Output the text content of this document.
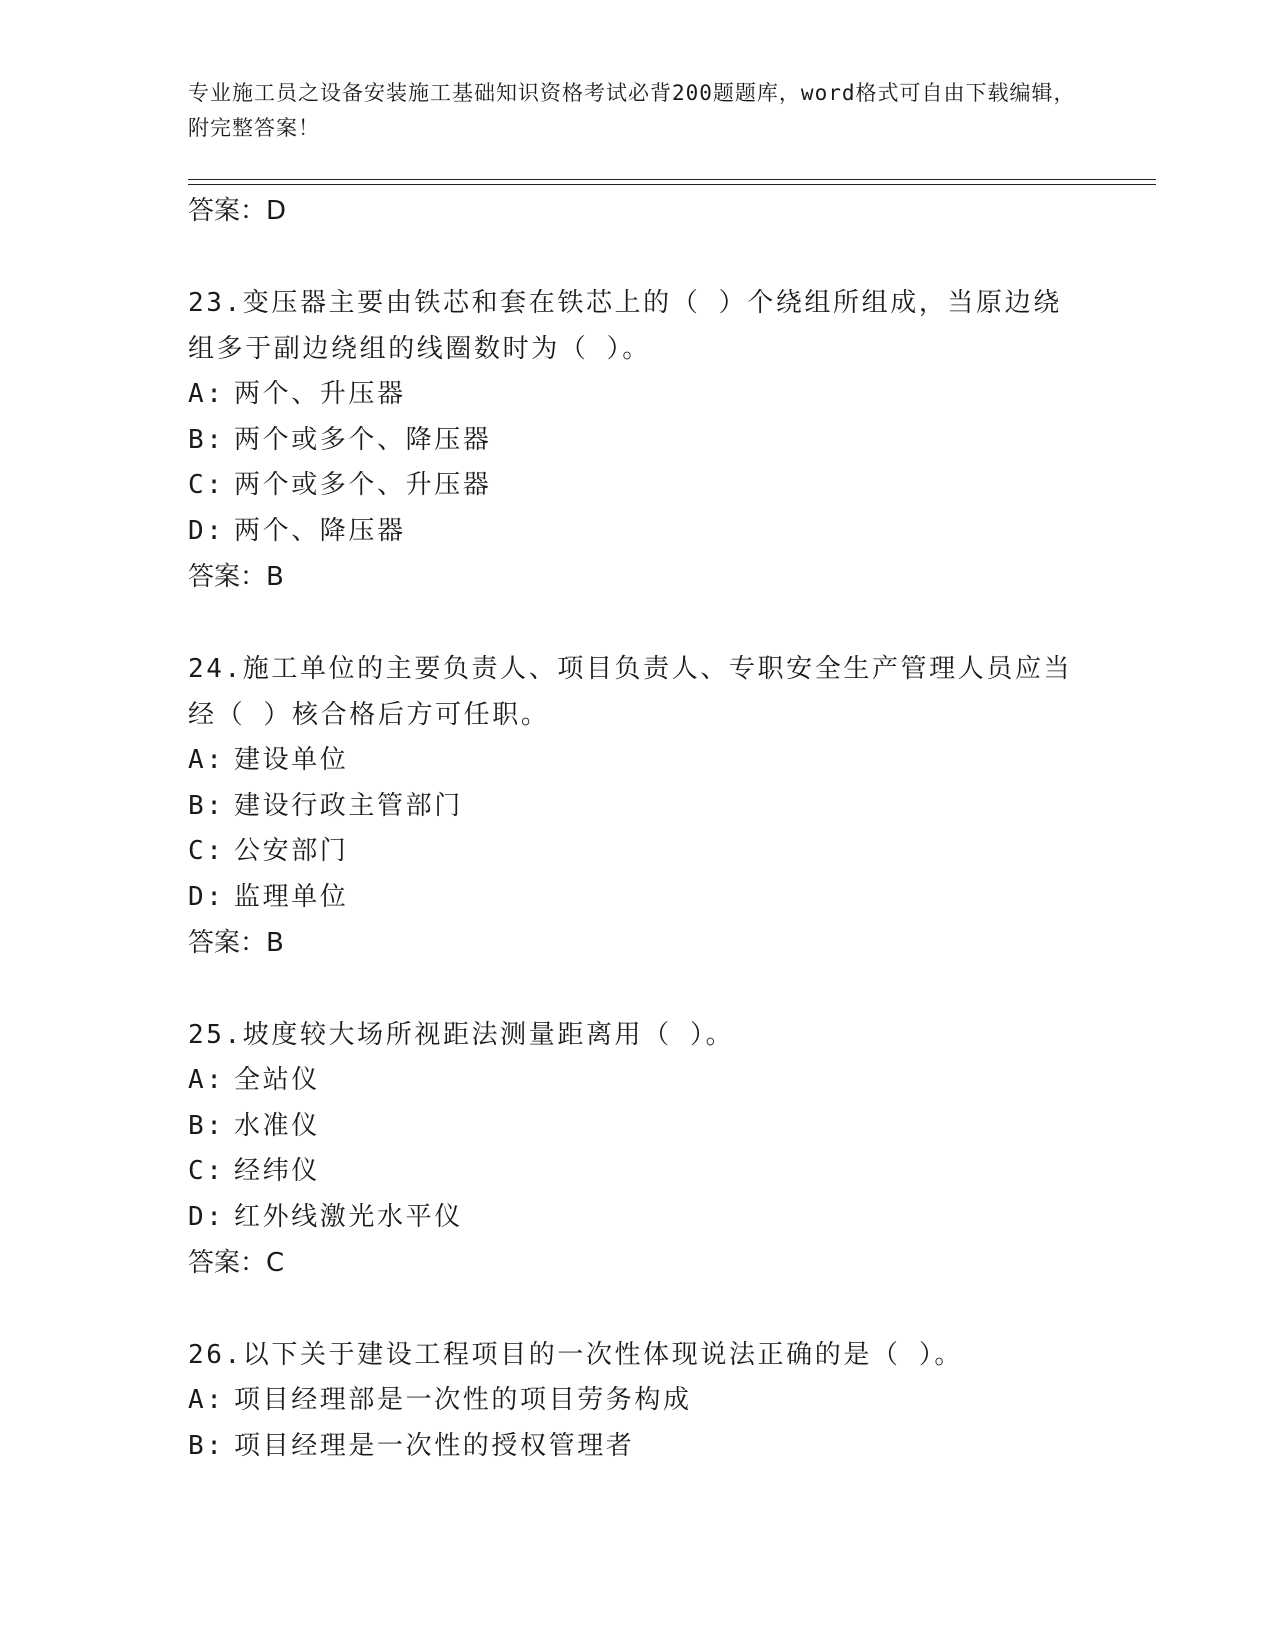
专业施工员之设备安装施工基础知识资格考试必背200题题库，word格式可自由下载编辑，附完整答案！
答案：D
23.变压器主要由铁芯和套在铁芯上的（ ）个绕组所组成，当原边绕组多于副边绕组的线圈数时为（ ）。
A: 两个、升压器
B: 两个或多个、降压器
C: 两个或多个、升压器
D: 两个、降压器
答案：B
24.施工单位的主要负责人、项目负责人、专职安全生产管理人员应当经（ ）核合格后方可任职。
A: 建设单位
B: 建设行政主管部门
C: 公安部门
D: 监理单位
答案：B
25.坡度较大场所视距法测量距离用（ ）。
A: 全站仪
B: 水准仪
C: 经纬仪
D: 红外线激光水平仪
答案：C
26.以下关于建设工程项目的一次性体现说法正确的是（ ）。
A: 项目经理部是一次性的项目劳务构成
B: 项目经理是一次性的授权管理者
